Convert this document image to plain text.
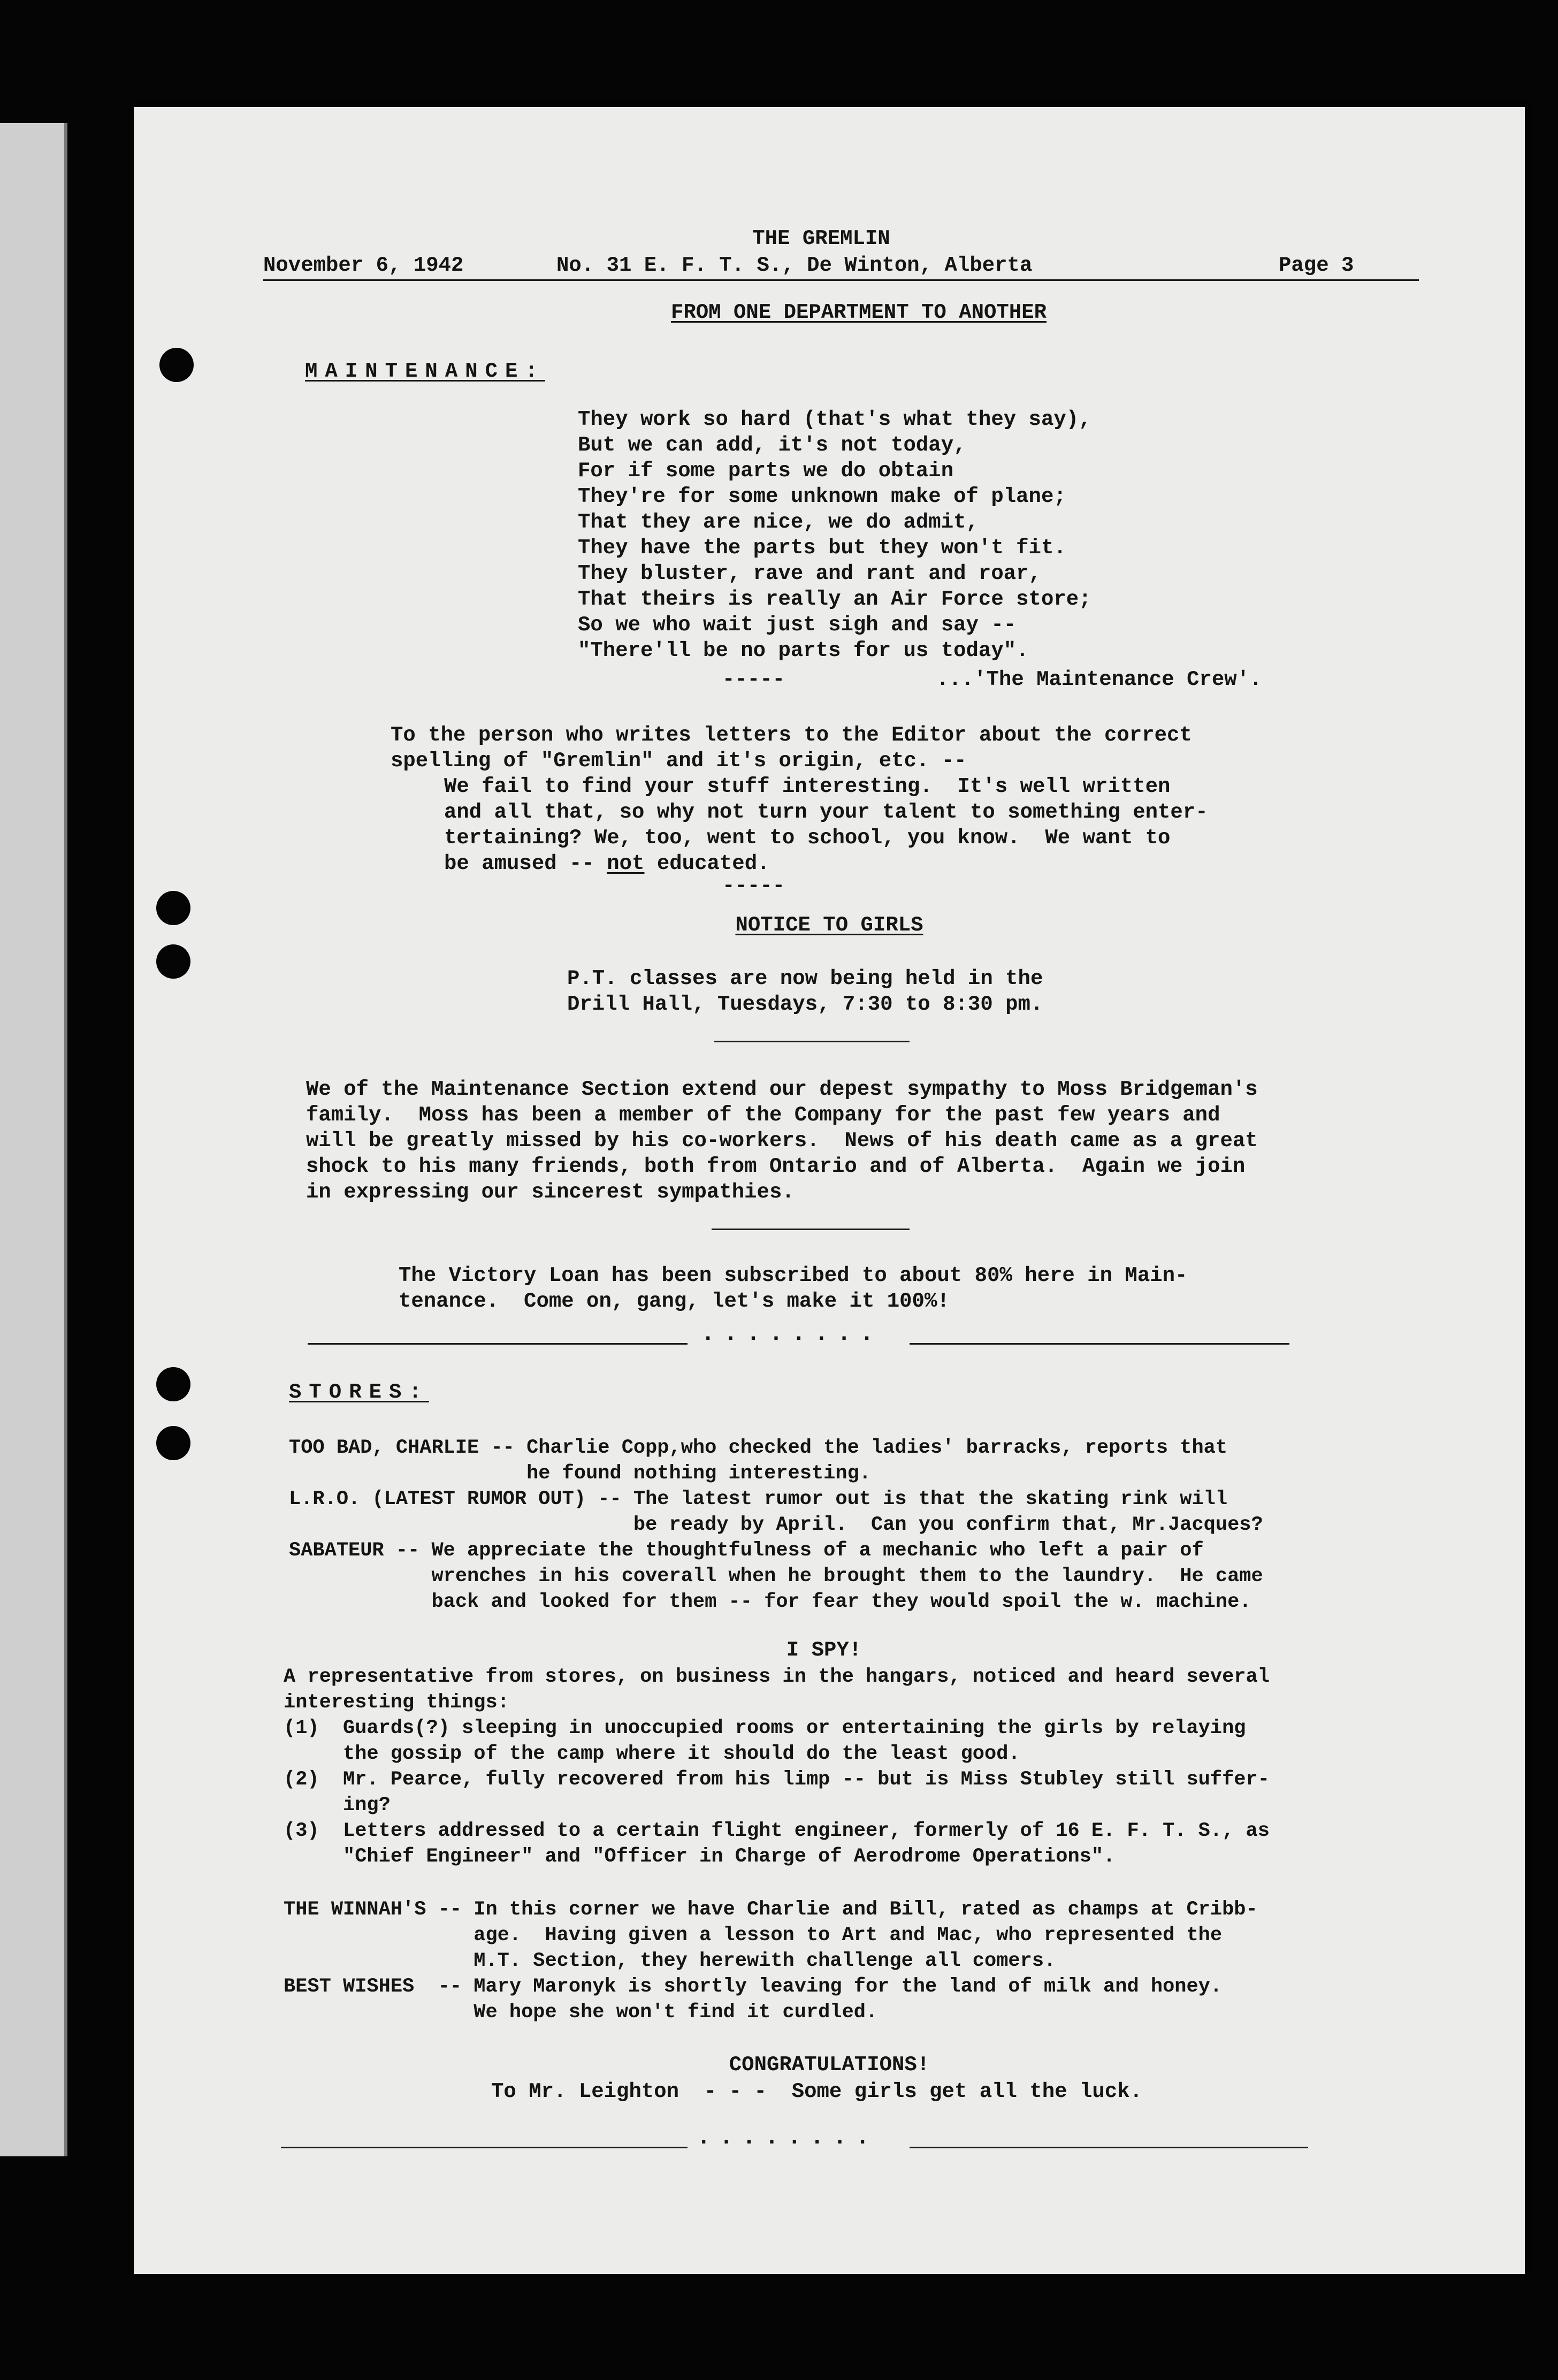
THE GREMLIN
November 6, 1942	No. 31 E. F. T. S., De Winton, Alberta	Page 3
FROM ONE DEPARTMENT TO ANOTHER
MAINTENANCE:
They work so hard (that's what they say),
But we can add, it's not today,
For if some parts we do obtain
They're for some unknown make of plane;
That they are nice, we do admit,
They have the parts but they won't fit.
They bluster, rave and rant and roar,
That theirs is really an Air Force store;
So we who wait just sigh and say --
"There'll be no parts for us today".
-----	...'The Maintenance Crew'.
To the person who writes letters to the Editor about the correct
spelling of "Gremlin" and it's origin, etc. --
We fail to find your stuff interesting.  It's well written
and all that, so why not turn your talent to something enter-
tertaining? We, too, went to school, you know.  We want to
be amused -- not educated.
-----
NOTICE TO GIRLS
P.T. classes are now being held in the
Drill Hall, Tuesdays, 7:30 to 8:30 pm.
We of the Maintenance Section extend our depest sympathy to Moss Bridgeman's
family.  Moss has been a member of the Company for the past few years and
will be greatly missed by his co-workers.  News of his death came as a great
shock to his many friends, both from Ontario and of Alberta.  Again we join
in expressing our sincerest sympathies.
The Victory Loan has been subscribed to about 80% here in Main-
tenance.  Come on, gang, let's make it 100%!
........
STORES:
TOO BAD, CHARLIE -- Charlie Copp,who checked the ladies' barracks, reports that
he found nothing interesting.
L.R.O. (LATEST RUMOR OUT) -- The latest rumor out is that the skating rink will
be ready by April.  Can you confirm that, Mr.Jacques?
SABATEUR -- We appreciate the thoughtfulness of a mechanic who left a pair of
wrenches in his coverall when he brought them to the laundry.  He came
back and looked for them -- for fear they would spoil the w. machine.
I SPY!
A representative from stores, on business in the hangars, noticed and heard several
interesting things:
(1)  Guards(?) sleeping in unoccupied rooms or entertaining the girls by relaying
the gossip of the camp where it should do the least good.
(2)  Mr. Pearce, fully recovered from his limp -- but is Miss Stubley still suffer-
ing?
(3)  Letters addressed to a certain flight engineer, formerly of 16 E. F. T. S., as
"Chief Engineer" and "Officer in Charge of Aerodrome Operations".
THE WINNAH'S -- In this corner we have Charlie and Bill, rated as champs at Cribb-
age.  Having given a lesson to Art and Mac, who represented the
M.T. Section, they herewith challenge all comers.
BEST WISHES  -- Mary Maronyk is shortly leaving for the land of milk and honey.
We hope she won't find it curdled.
CONGRATULATIONS!
To Mr. Leighton  - - -  Some girls get all the luck.
........
